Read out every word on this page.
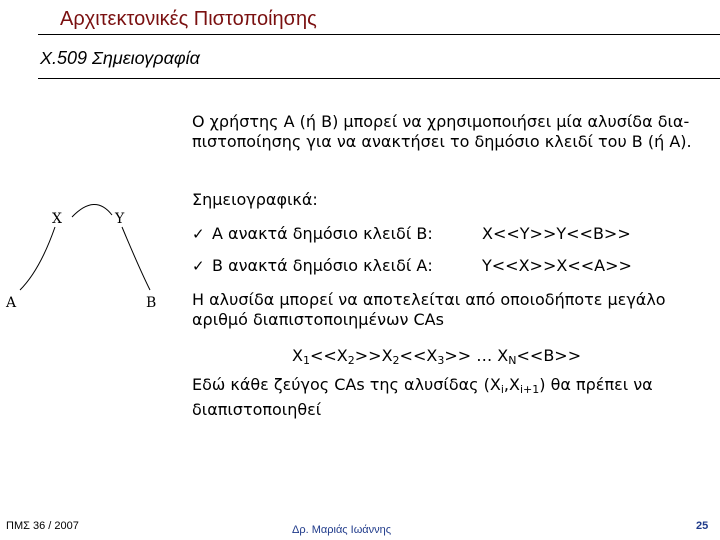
Αρχιτεκτονικές Πιστοποίησης
Χ.509 Σημειογραφία
Ο χρήστης Α (ή Β) μπορεί να χρησιμοποιήσει μία αλυσίδα δια-πιστοποίησης για να ανακτήσει το δημόσιο κλειδί του Β (ή Α).
Σημειογραφικά:
✓ Α ανακτά δημόσιο κλειδί Β:	X<<Y>>Y<<B>>
✓ Β ανακτά δημόσιο κλειδί Α:	Y<<X>>X<<A>>
Η αλυσίδα μπορεί να αποτελείται από οποιοδήποτε μεγάλο αριθμό διαπιστοποιημένων CAs
$X_1<<X_2>>X_2<<X_3>>$ … $X_N<<B>>$
Εδώ κάθε ζεύγος CAs της αλυσίδας $(X_i,X_{i+1})$ θα πρέπει να διαπιστοποιηθεί
X	Y
A	B
ΠΜΣ 36 / 2007	Δρ. Μαριάς Ιωάννης	25
